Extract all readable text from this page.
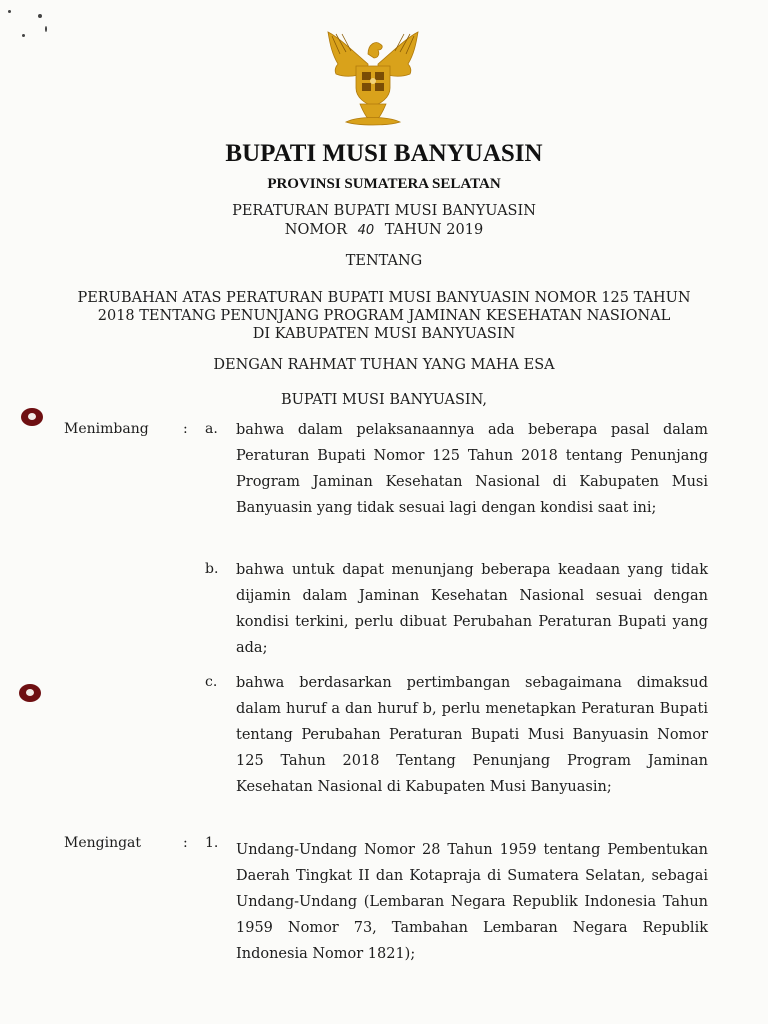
BUPATI MUSI BANYUASIN
PROVINSI SUMATERA SELATAN
PERATURAN BUPATI MUSI BANYUASIN
NOMOR 40 TAHUN 2019
TENTANG
PERUBAHAN ATAS PERATURAN BUPATI MUSI BANYUASIN NOMOR 125 TAHUN
2018 TENTANG PENUNJANG PROGRAM JAMINAN KESEHATAN NASIONAL
DI KABUPATEN MUSI BANYUASIN
DENGAN RAHMAT TUHAN YANG MAHA ESA
BUPATI MUSI BANYUASIN,
Menimbang : a. bahwa dalam pelaksanaannya ada beberapa pasal dalam Peraturan Bupati Nomor 125 Tahun 2018 tentang Penunjang Program Jaminan Kesehatan Nasional di Kabupaten Musi Banyuasin yang tidak sesuai lagi dengan kondisi saat ini;
b. bahwa untuk dapat menunjang beberapa keadaan yang tidak dijamin dalam Jaminan Kesehatan Nasional sesuai dengan kondisi terkini, perlu dibuat Perubahan Peraturan Bupati yang ada;
c. bahwa berdasarkan pertimbangan sebagaimana dimaksud dalam huruf a dan huruf b, perlu menetapkan Peraturan Bupati tentang Perubahan Peraturan Bupati Musi Banyuasin Nomor 125 Tahun 2018 Tentang Penunjang Program Jaminan Kesehatan Nasional di Kabupaten Musi Banyuasin;
Mengingat	: 1. Undang-Undang Nomor 28 Tahun 1959 tentang Pembentukan Daerah Tingkat II dan Kotapraja di Sumatera Selatan, sebagai Undang-Undang (Lembaran Negara Republik Indonesia Tahun 1959 Nomor 73, Tambahan Lembaran Negara Republik Indonesia Nomor 1821);
